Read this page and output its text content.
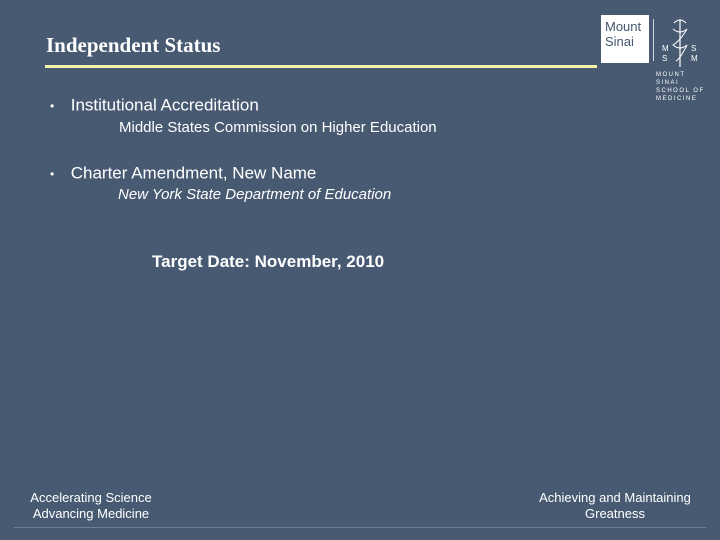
Independent Status
Mount
Sinai	M
S
S
M
MOUNT SINAI
SCHOOL OF
MEDICINE
• Institutional Accreditation
Middle States Commission on Higher Education
• Charter Amendment, New Name
New York State Department of Education
Target Date: November, 2010
Accelerating Science
Advancing Medicine
Achieving and Maintaining
Greatness
